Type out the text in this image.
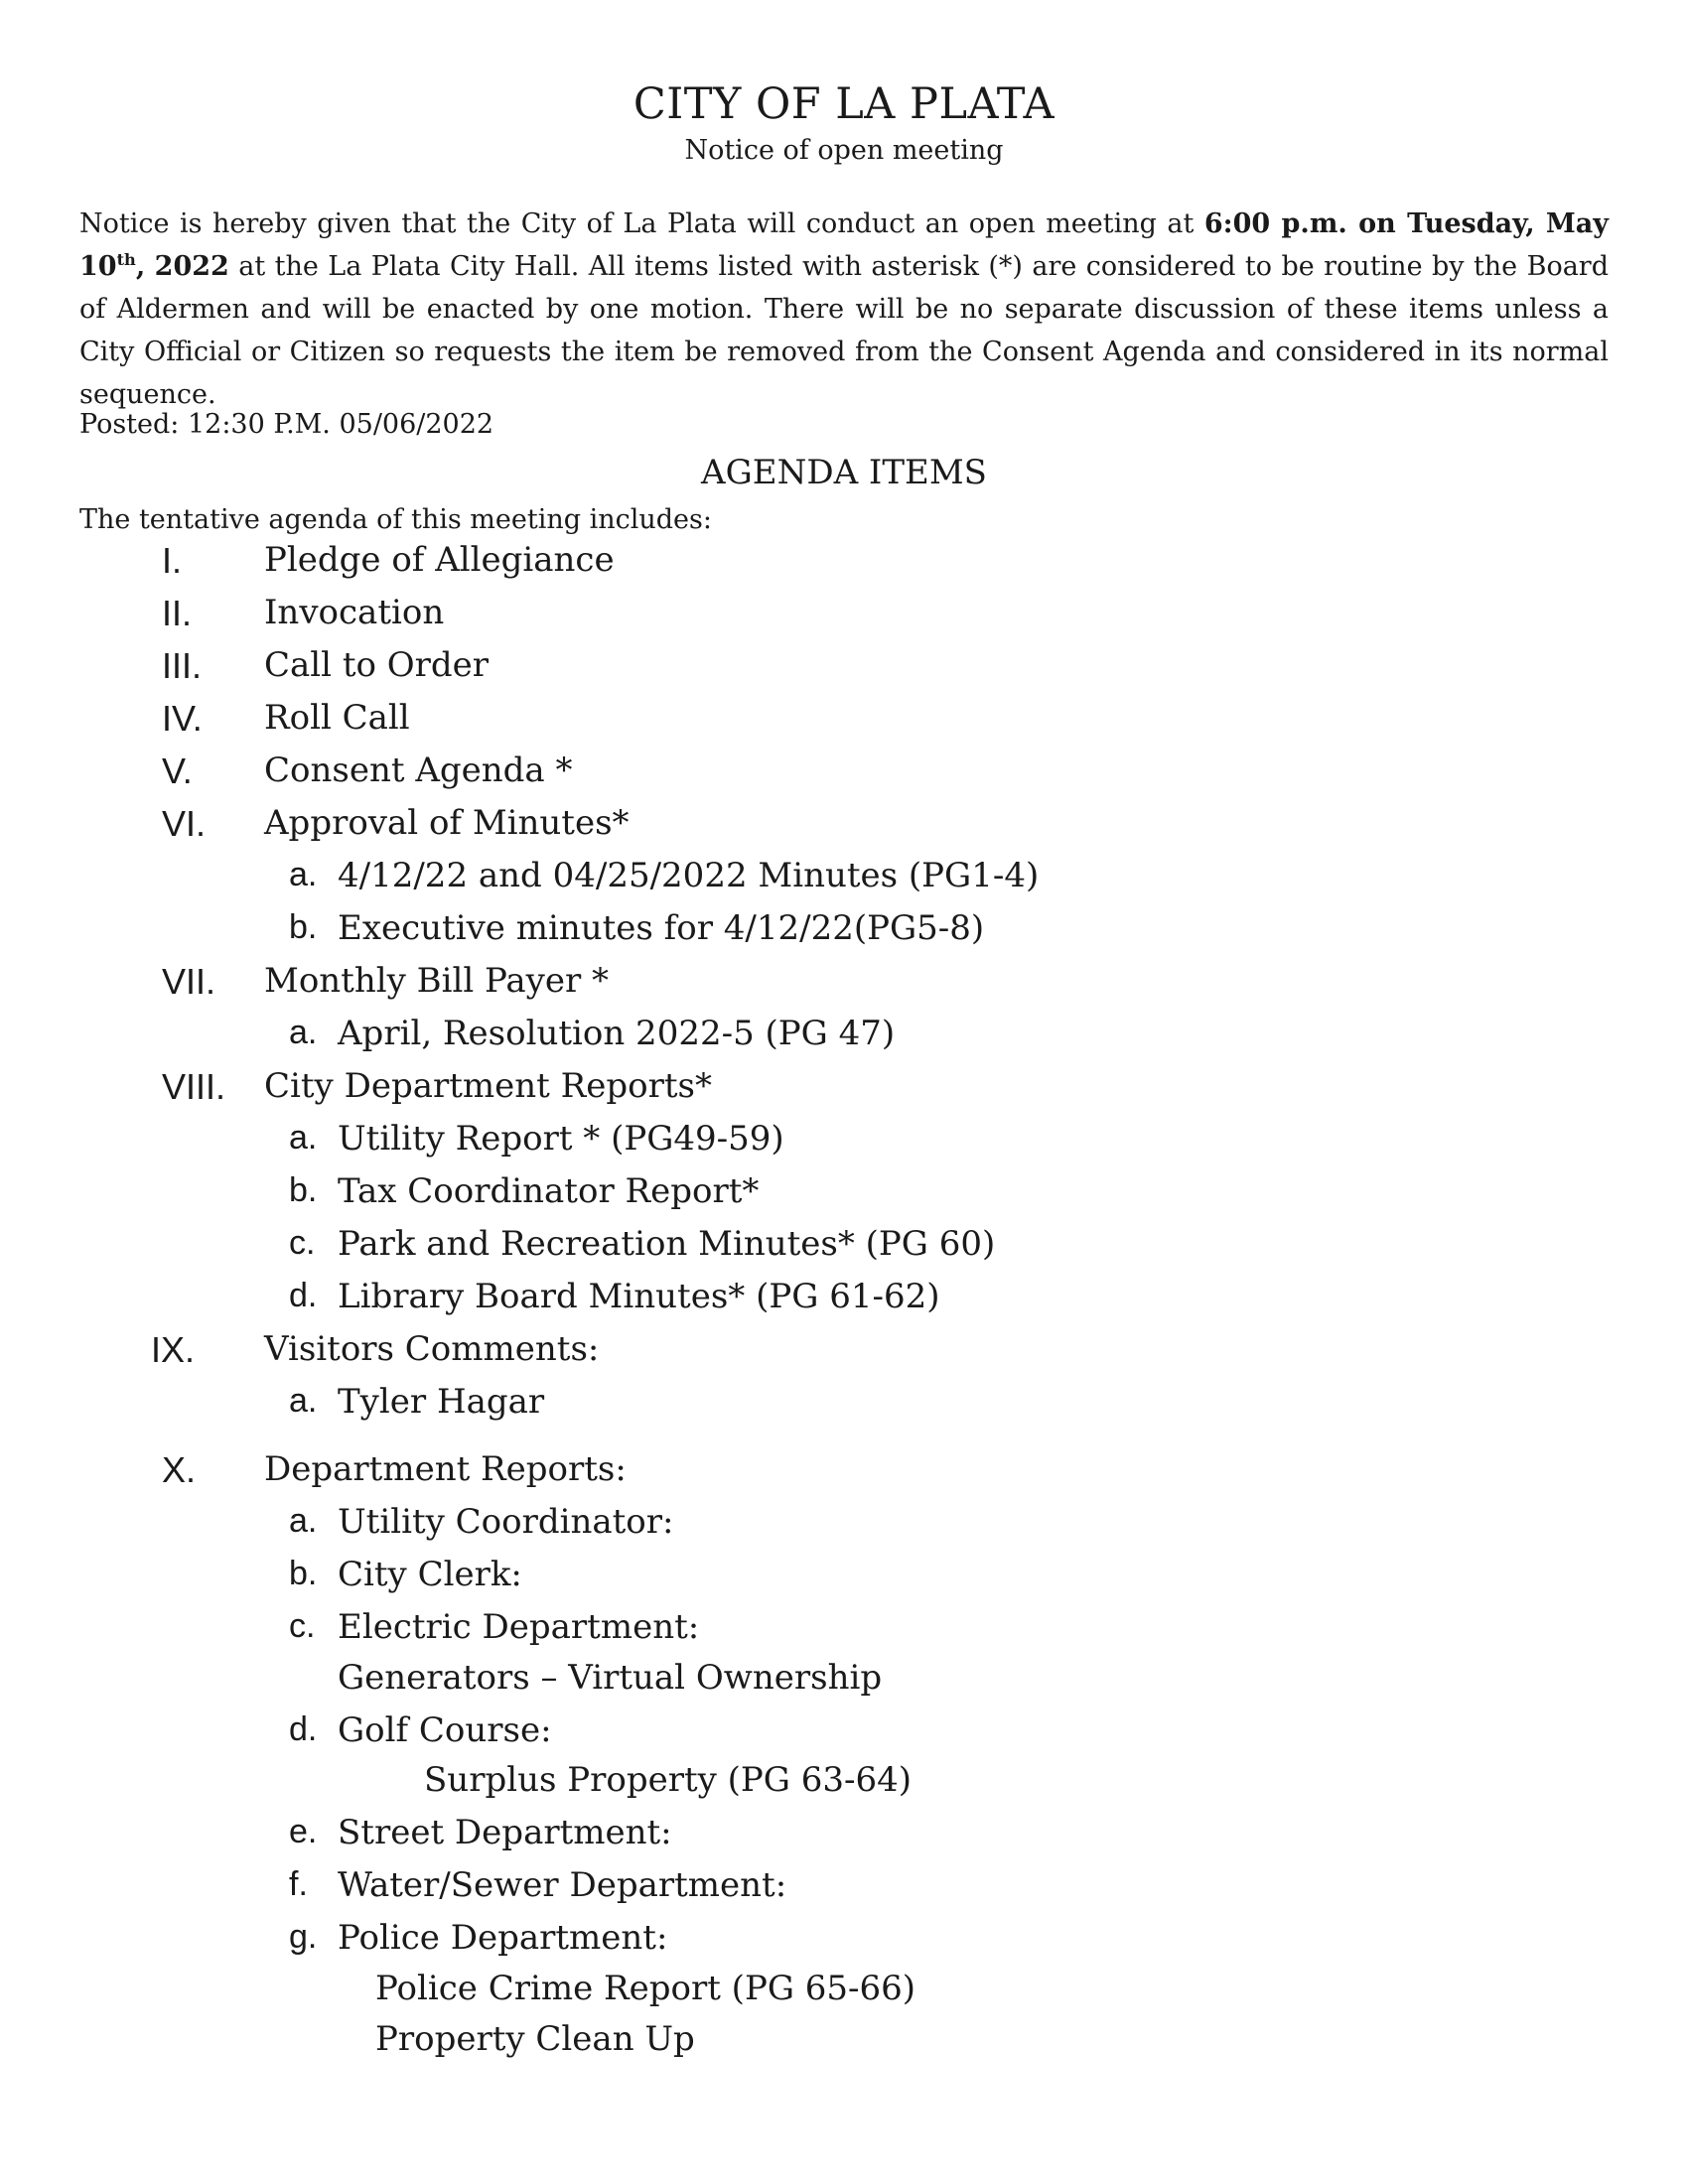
CITY OF LA PLATA
Notice of open meeting
Notice is hereby given that the City of La Plata will conduct an open meeting at 6:00 p.m. on Tuesday, May 10th, 2022 at the La Plata City Hall. All items listed with asterisk (*) are considered to be routine by the Board of Aldermen and will be enacted by one motion. There will be no separate discussion of these items unless a City Official or Citizen so requests the item be removed from the Consent Agenda and considered in its normal sequence.
Posted: 12:30 P.M. 05/06/2022
AGENDA ITEMS
The tentative agenda of this meeting includes:
I. Pledge of Allegiance
II. Invocation
III. Call to Order
IV. Roll Call
V. Consent Agenda *
VI. Approval of Minutes*
a. 4/12/22 and 04/25/2022 Minutes (PG1-4)
b. Executive minutes for 4/12/22(PG5-8)
VII. Monthly Bill Payer *
a. April, Resolution 2022-5 (PG 47)
VIII. City Department Reports*
a. Utility Report * (PG49-59)
b. Tax Coordinator Report*
c. Park and Recreation Minutes* (PG 60)
d. Library Board Minutes* (PG 61-62)
IX. Visitors Comments:
a. Tyler Hagar
X. Department Reports:
a. Utility Coordinator:
b. City Clerk:
c. Electric Department:
Generators – Virtual Ownership
d. Golf Course:
Surplus Property (PG 63-64)
e. Street Department:
f. Water/Sewer Department:
g. Police Department:
Police Crime Report (PG 65-66)
Property Clean Up
